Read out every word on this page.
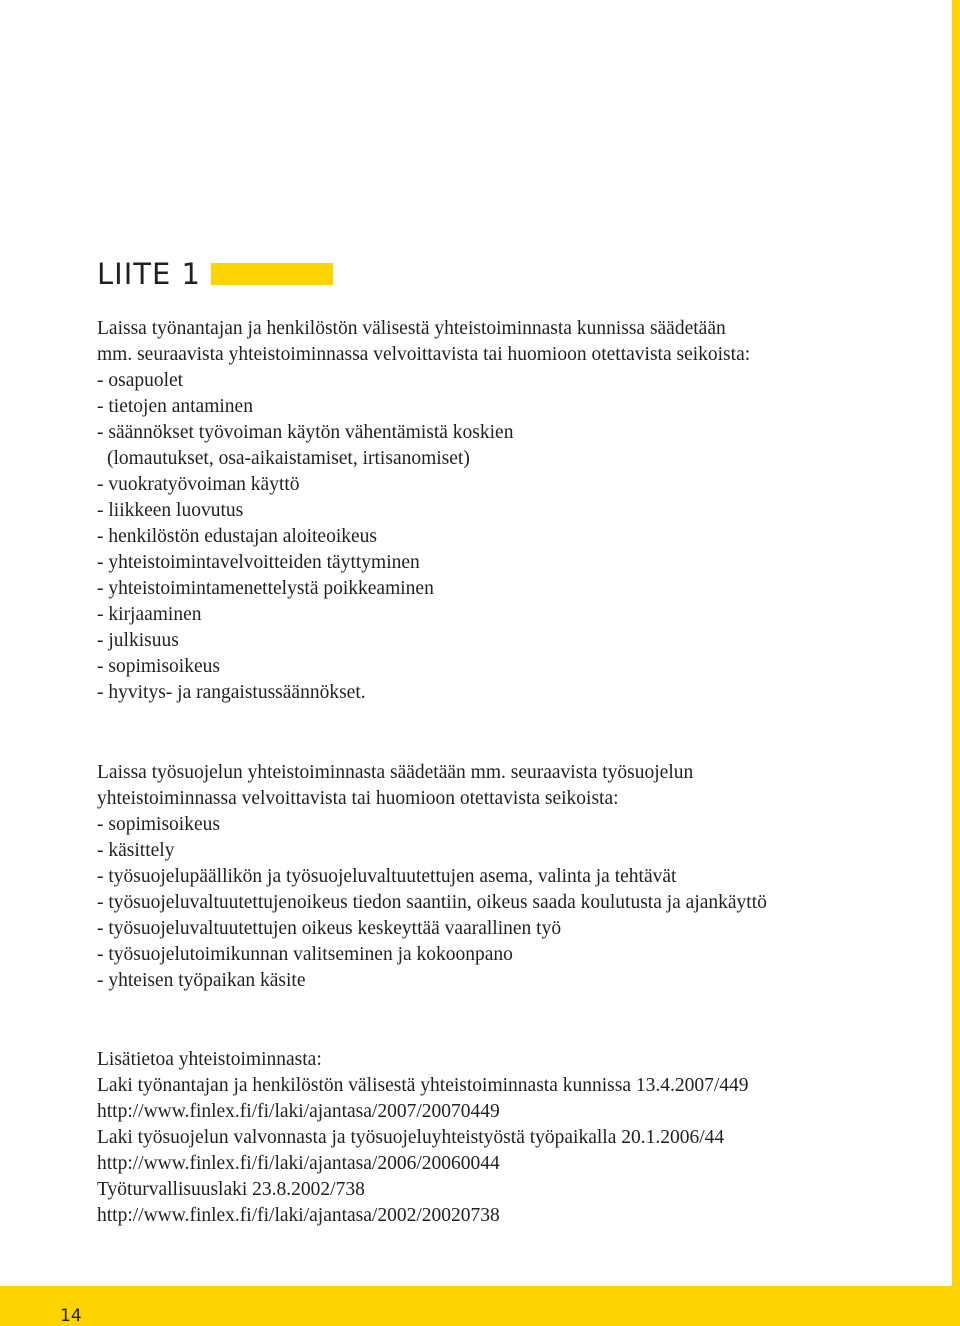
LIITE 1
Laissa työnantajan ja henkilöstön välisestä yhteistoiminnasta kunnissa säädetään
mm. seuraavista yhteistoiminnassa velvoittavista tai huomioon otettavista seikoista:
- osapuolet
- tietojen antaminen
- säännökset työvoiman käytön vähentämistä koskien
(lomautukset, osa-aikaistamiset, irtisanomiset)
- vuokratyövoiman käyttö
- liikkeen luovutus
- henkilöstön edustajan aloiteoikeus
- yhteistoimintavelvoitteiden täyttyminen
- yhteistoimintamenettelystä poikkeaminen
- kirjaaminen
- julkisuus
- sopimisoikeus
- hyvitys- ja rangaistussäännökset.
Laissa työsuojelun yhteistoiminnasta säädetään mm. seuraavista työsuojelun
yhteistoiminnassa velvoittavista tai huomioon otettavista seikoista:
- sopimisoikeus
- käsittely
- työsuojelupäällikön ja työsuojeluvaltuutettujen asema, valinta ja tehtävät
- työsuojeluvaltuutettujenoikeus tiedon saantiin, oikeus saada koulutusta ja ajankäyttö
- työsuojeluvaltuutettujen oikeus keskeyttää vaarallinen työ
- työsuojelutoimikunnan valitseminen ja kokoonpano
- yhteisen työpaikan käsite
Lisätietoa yhteistoiminnasta:
Laki työnantajan ja henkilöstön välisestä yhteistoiminnasta kunnissa 13.4.2007/449
http://www.finlex.fi/fi/laki/ajantasa/2007/20070449
Laki työsuojelun valvonnasta ja työsuojeluyhteistyöstä työpaikalla 20.1.2006/44
http://www.finlex.fi/fi/laki/ajantasa/2006/20060044
Työturvallisuuslaki 23.8.2002/738
http://www.finlex.fi/fi/laki/ajantasa/2002/20020738
14
